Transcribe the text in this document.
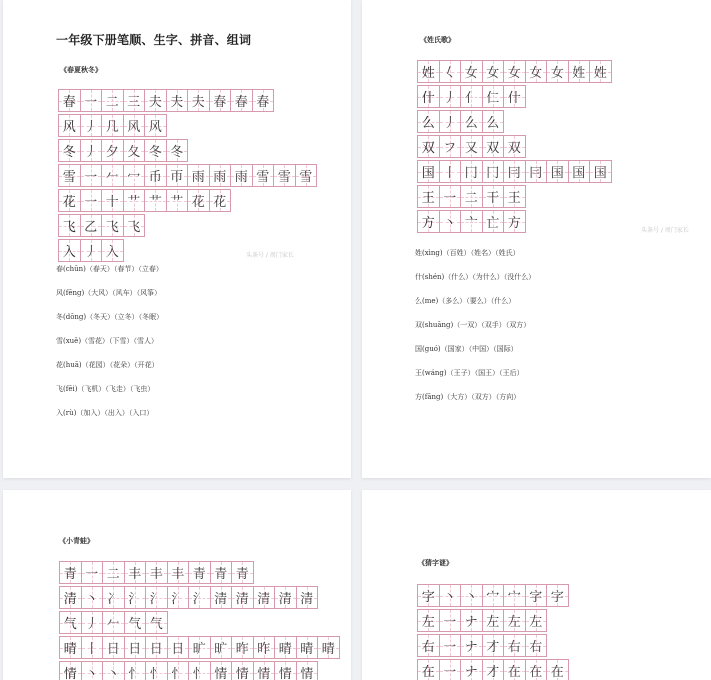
一年级下册笔顺、生字、拼音、组词
《春夏秋冬》
春 一 二 三 夫 夫 夫 春 春 春
风 丿 几 风 风
冬 丿 夕 夂 冬 冬
雪 一 𠂉 冖 币 帀 雨 雨 雨 雪 雪 雪
花 一 十 艹 艹 艹 花 花
飞 乙 飞 飞
入 丿 入	头条号 / 周门家长
春(chūn)（春天）（春节）（立春）
风(fēng)（大风）（风车）（风筝）
冬(dōng)（冬天）（立冬）（冬眠）
雪(xuě)（雪花）（下雪）（雪人）
花(huā)（花园）（花朵）（开花）
飞(fēi)（飞机）（飞走）（飞虫）
入(rù)（加入）（出入）（入口）
《姓氏歌》
姓 𡿨 女 女 女 女 女 姓 姓
什 丿 亻 仁 什
么 丿 么 么
双 フ 又 双 双
国 丨 冂 冂 冃 冃 国 国 国
王 一 二 干 王
方 丶 亠 亡 方	头条号 / 周门家长
姓(xìng)（百姓）（姓名）（姓氏）
什(shén)（什么）（为什么）（没什么）
么(me)（多么）（要么）（什么）
双(shuāng)（一双）（双手）（双方）
国(guó)（国家）（中国）（国际）
王(wáng)（王子）（国王）（王后）
方(fāng)（大方）（双方）（方向）
《小青蛙》
青 一 二 丰 丰 丰 青 青 青
清 丶 冫 氵 氵 氵 氵 清 清 清 清 清
气 丿 𠂉 气 气
晴 丨 日 日 日 日 旷 旷 昨 昨 晴 晴 晴
情 丶 丶 忄 忄 忄 忄 情 情 情 情 情
《猜字谜》
字 丶 丶 宀 宀 字 字
左 一 ナ 左 左 左
右 一 ナ 才 右 右
在 一 ナ 才 在 在 在
